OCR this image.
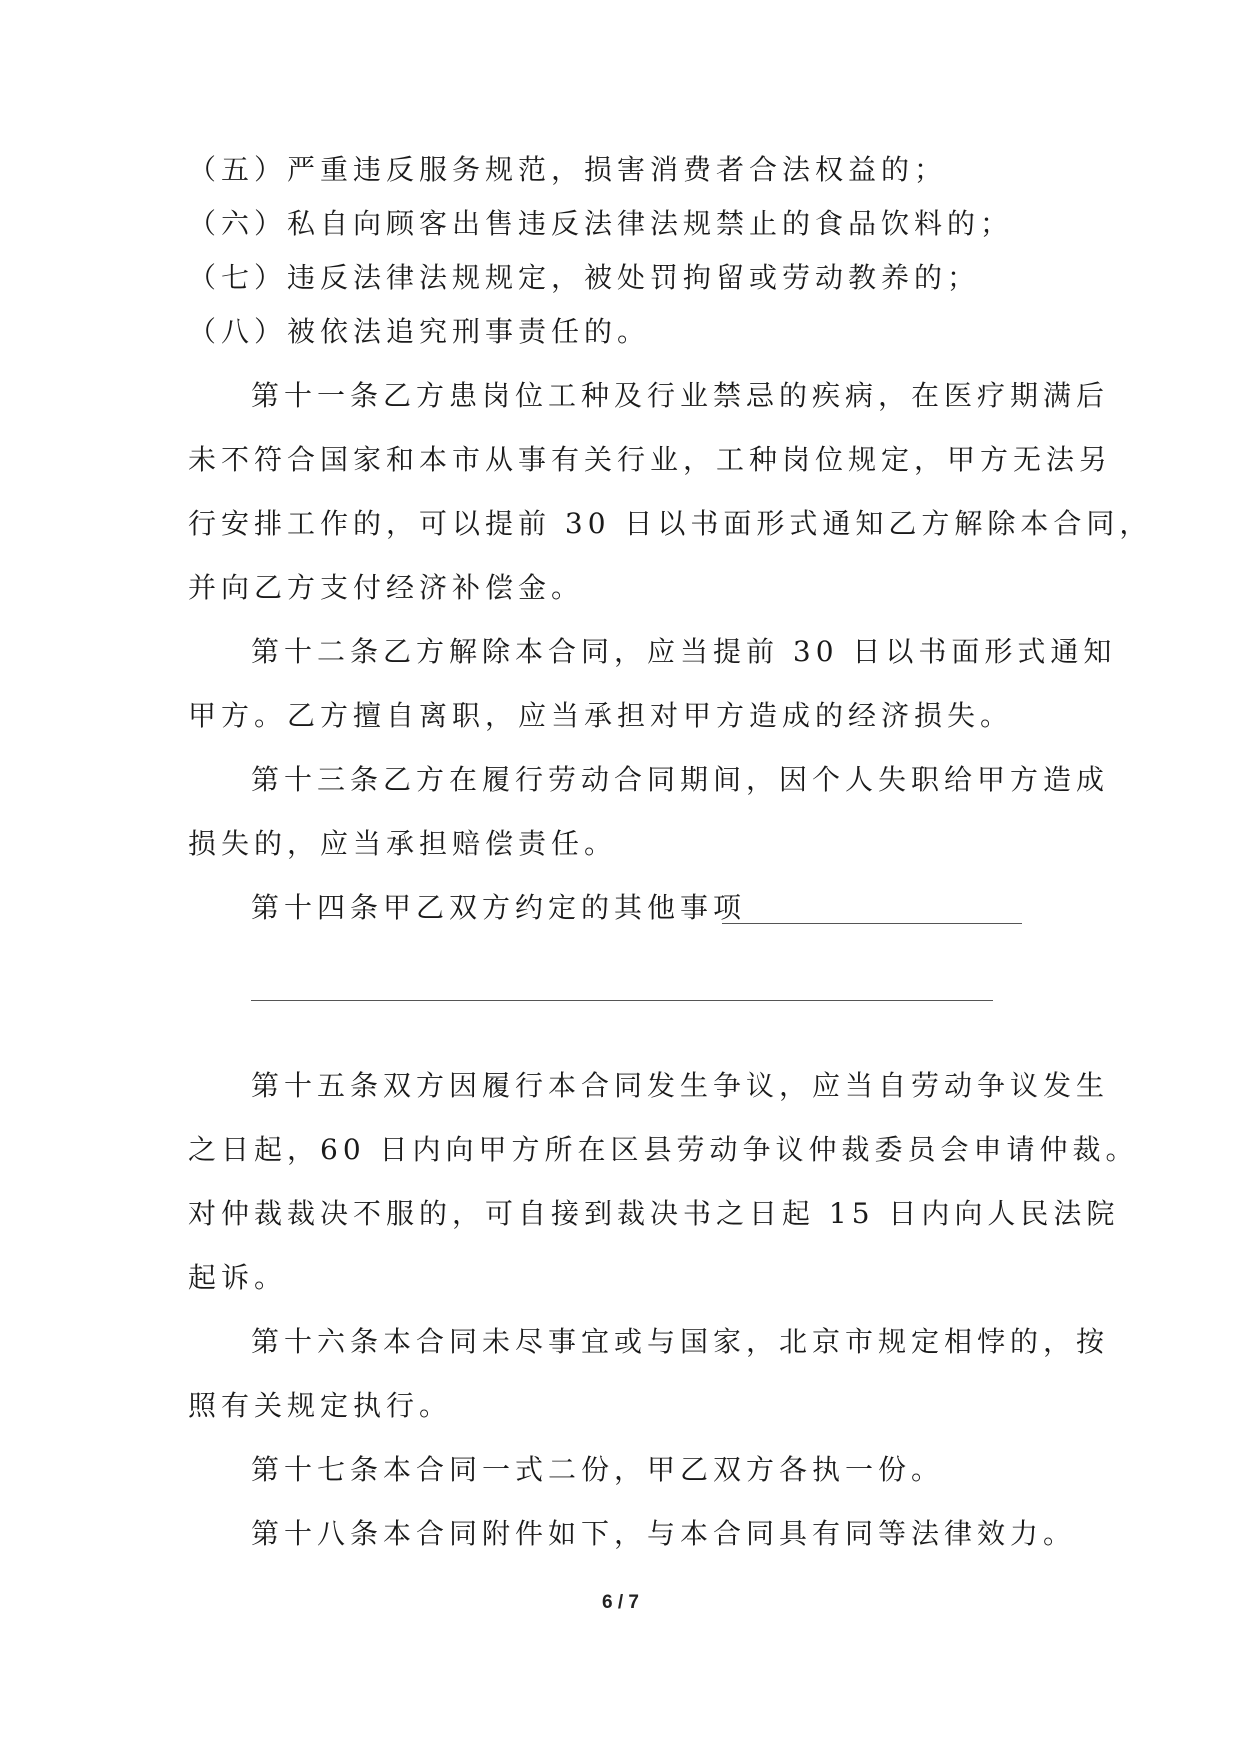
（五）严重违反服务规范，损害消费者合法权益的；
（六）私自向顾客出售违反法律法规禁止的食品饮料的；
（七）违反法律法规规定，被处罚拘留或劳动教养的；
（八）被依法追究刑事责任的。
第十一条乙方患岗位工种及行业禁忌的疾病，在医疗期满后
未不符合国家和本市从事有关行业，工种岗位规定，甲方无法另
行安排工作的，可以提前 30 日以书面形式通知乙方解除本合同，
并向乙方支付经济补偿金。
第十二条乙方解除本合同，应当提前 30 日以书面形式通知
甲方。乙方擅自离职，应当承担对甲方造成的经济损失。
第十三条乙方在履行劳动合同期间，因个人失职给甲方造成
损失的，应当承担赔偿责任。
第十四条甲乙双方约定的其他事项
第十五条双方因履行本合同发生争议，应当自劳动争议发生
之日起，60 日内向甲方所在区县劳动争议仲裁委员会申请仲裁。
对仲裁裁决不服的，可自接到裁决书之日起 15 日内向人民法院
起诉。
第十六条本合同未尽事宜或与国家，北京市规定相悖的，按
照有关规定执行。
第十七条本合同一式二份，甲乙双方各执一份。
第十八条本合同附件如下，与本合同具有同等法律效力。
6 / 7
